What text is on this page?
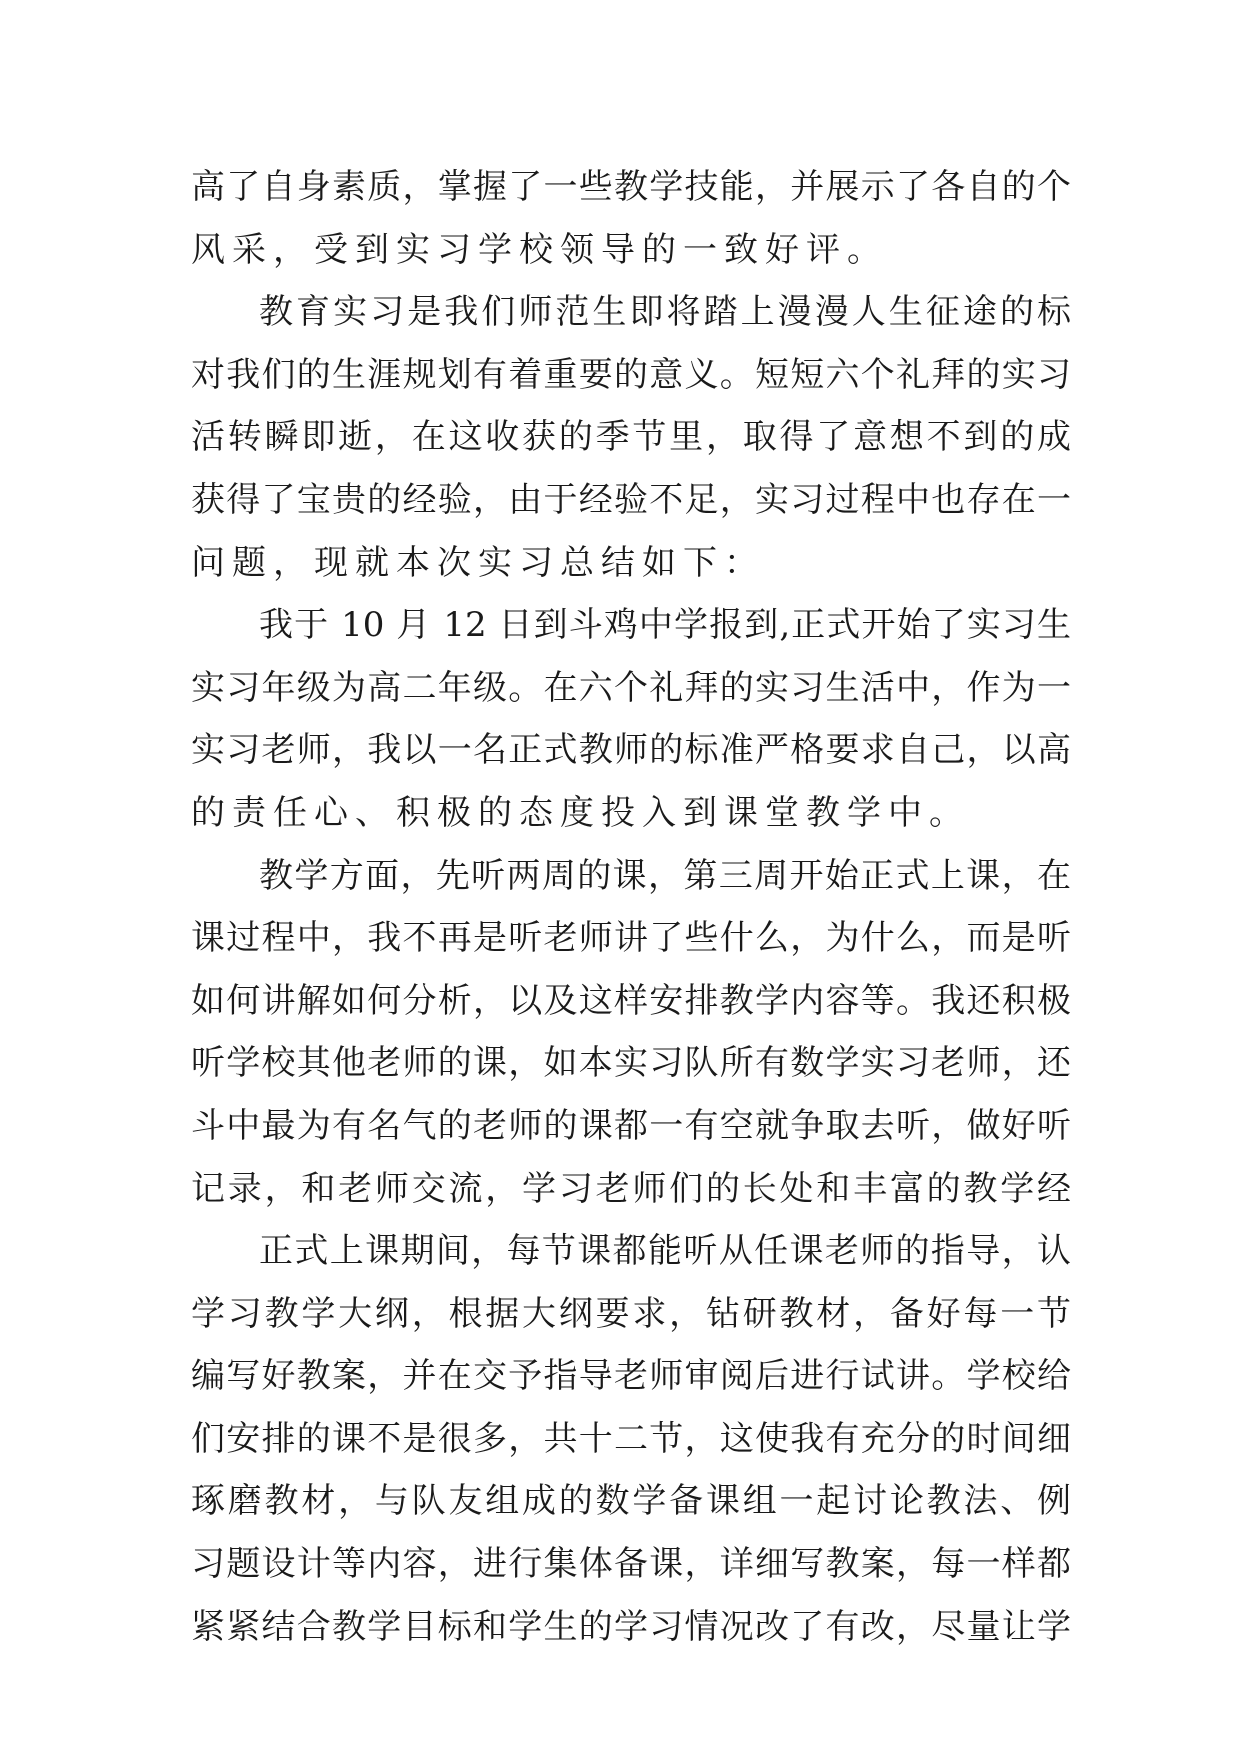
高了自身素质，掌握了一些教学技能，并展示了各自的个
风采，受到实习学校领导的一致好评。
教育实习是我们师范生即将踏上漫漫人生征途的标
对我们的生涯规划有着重要的意义。短短六个礼拜的实习
活转瞬即逝，在这收获的季节里，取得了意想不到的成
获得了宝贵的经验，由于经验不足，实习过程中也存在一
问题，现就本次实习总结如下：
我于 10 月 12 日到斗鸡中学报到,正式开始了实习生
实习年级为高二年级。在六个礼拜的实习生活中，作为一
实习老师，我以一名正式教师的标准严格要求自己，以高
的责任心、积极的态度投入到课堂教学中。
教学方面，先听两周的课，第三周开始正式上课，在
课过程中，我不再是听老师讲了些什么，为什么，而是听
如何讲解如何分析，以及这样安排教学内容等。我还积极
听学校其他老师的课，如本实习队所有数学实习老师，还
斗中最为有名气的老师的课都一有空就争取去听，做好听
记录，和老师交流，学习老师们的长处和丰富的教学经
正式上课期间，每节课都能听从任课老师的指导，认
学习教学大纲，根据大纲要求，钻研教材，备好每一节
编写好教案，并在交予指导老师审阅后进行试讲。学校给
们安排的课不是很多，共十二节，这使我有充分的时间细
琢磨教材，与队友组成的数学备课组一起讨论教法、例
习题设计等内容，进行集体备课，详细写教案，每一样都
紧紧结合教学目标和学生的学习情况改了有改，尽量让学
